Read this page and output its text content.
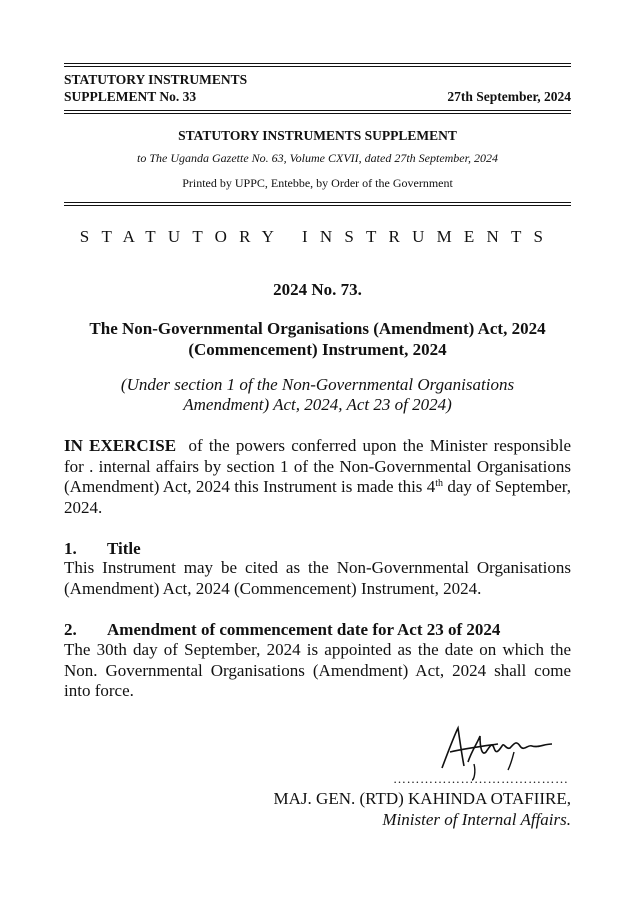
STATUTORY INSTRUMENTS
SUPPLEMENT No. 33	27th September, 2024
STATUTORY INSTRUMENTS SUPPLEMENT
to The Uganda Gazette No. 63, Volume CXVII, dated 27th September, 2024
Printed by UPPC, Entebbe, by Order of the Government
STATUTORY INSTRUMENTS
2024 No. 73.
The Non-Governmental Organisations (Amendment) Act, 2024
(Commencement) Instrument, 2024
(Under section 1 of the Non-Governmental Organisations
Amendment) Act, 2024, Act 23 of 2024)
IN EXERCISE of the powers conferred upon the Minister responsible for . internal affairs by section 1 of the Non-Governmental Organisations (Amendment) Act, 2024 this Instrument is made this 4th day of September, 2024.
1. Title
This Instrument may be cited as the Non-Governmental Organisations (Amendment) Act, 2024 (Commencement) Instrument, 2024.
2. Amendment of commencement date for Act 23 of 2024
The 30th day of September, 2024 is appointed as the date on which the Non. Governmental Organisations (Amendment) Act, 2024 shall come into force.
…………………………………
MAJ. GEN. (RTD) KAHINDA OTAFIIRE,
Minister of Internal Affairs.
